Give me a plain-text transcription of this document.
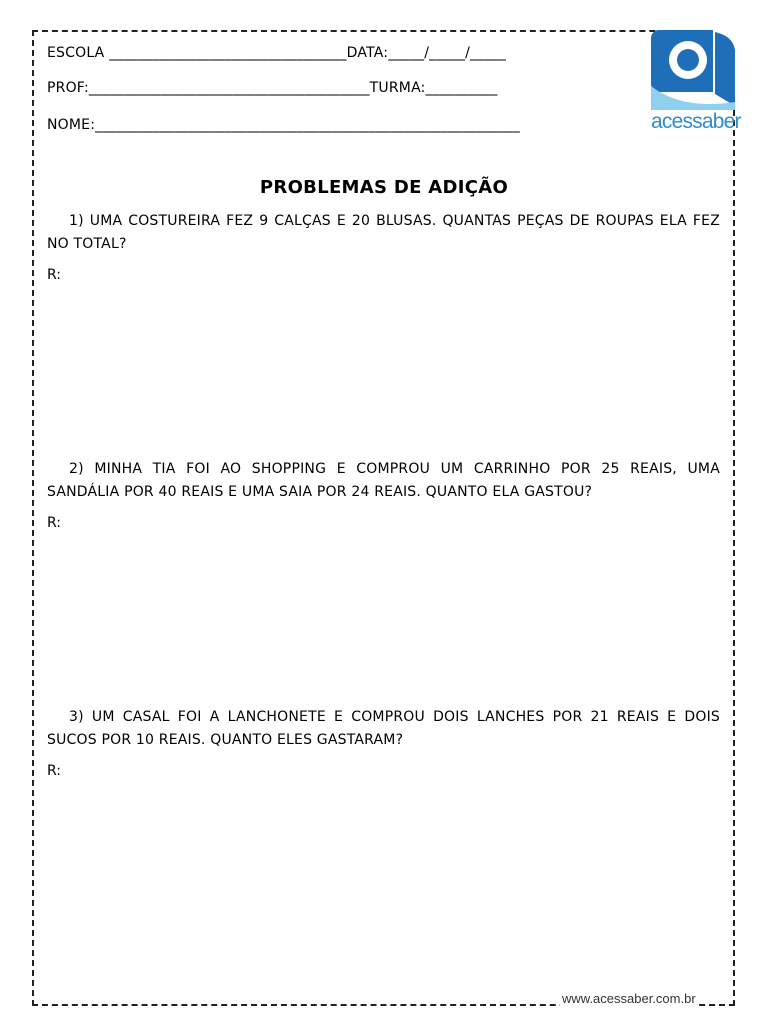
ESCOLA _________________________________DATA:_____/_____/_____
PROF:_______________________________________TURMA:__________
NOME:___________________________________________________________	acessaber
PROBLEMAS DE ADIÇÃO
1) UMA COSTUREIRA FEZ 9 CALÇAS E 20 BLUSAS. QUANTAS PEÇAS DE ROUPAS ELA FEZ NO TOTAL?
R:
2) MINHA TIA FOI AO SHOPPING E COMPROU UM CARRINHO POR 25 REAIS, UMA SANDÁLIA POR 40 REAIS E UMA SAIA POR 24 REAIS. QUANTO ELA GASTOU?
R:
3) UM CASAL FOI A LANCHONETE E COMPROU DOIS LANCHES POR 21 REAIS E DOIS SUCOS POR 10 REAIS. QUANTO ELES GASTARAM?
R:
www.acessaber.com.br
